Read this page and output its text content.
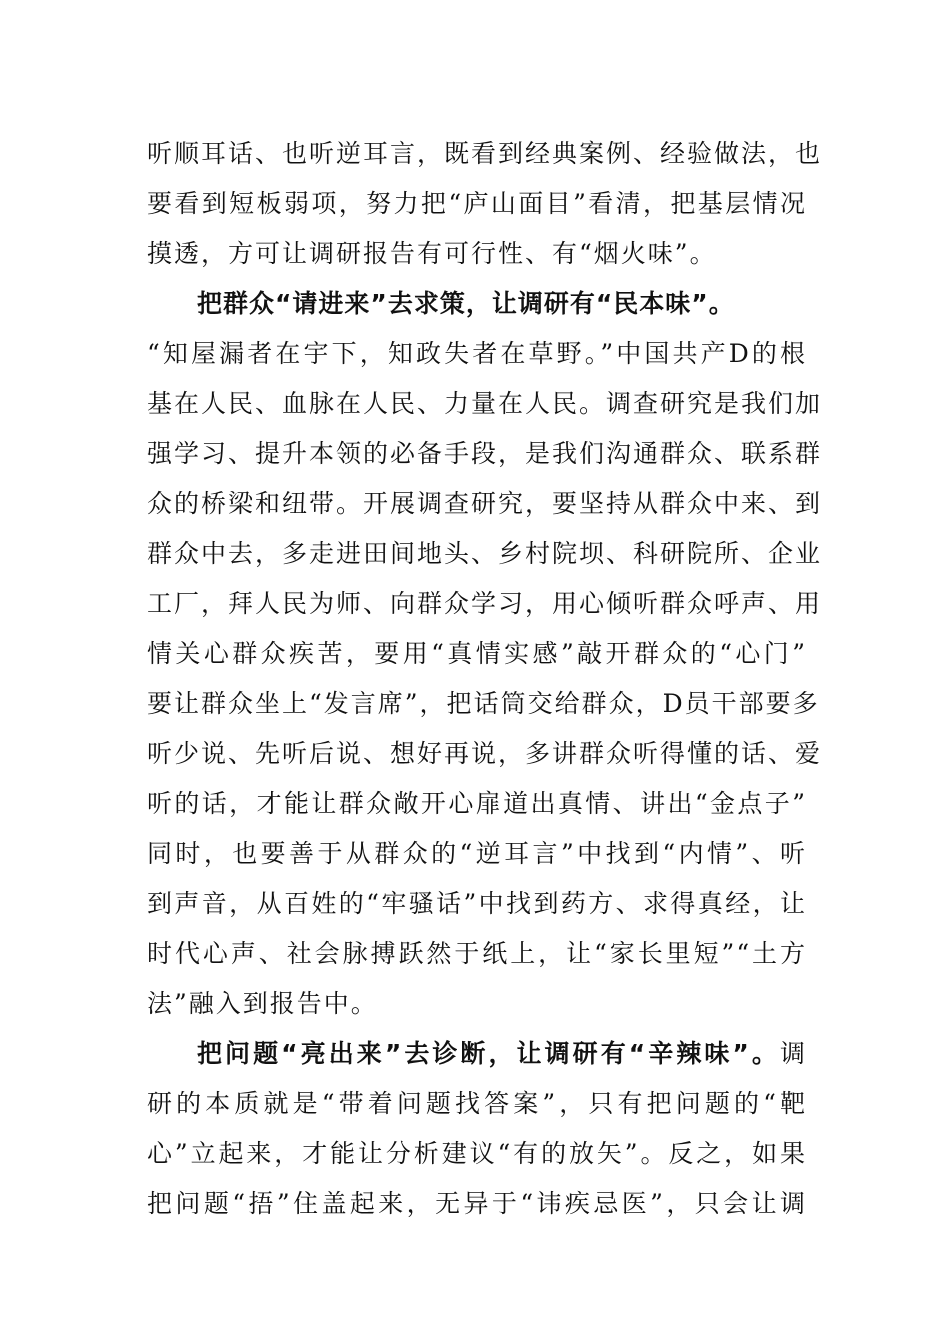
听顺耳话、也听逆耳言，既看到经典案例、经验做法，也
要看到短板弱项，努力把“庐山面目”看清，把基层情况
摸透，方可让调研报告有可行性、有“烟火味”。
把群众“请进来”去求策，让调研有“民本味”。
“知屋漏者在宇下，知政失者在草野。”中国共产D的根
基在人民、血脉在人民、力量在人民。调查研究是我们加
强学习、提升本领的必备手段，是我们沟通群众、联系群
众的桥梁和纽带。开展调查研究，要坚持从群众中来、到
群众中去，多走进田间地头、乡村院坝、科研院所、企业
工厂，拜人民为师、向群众学习，用心倾听群众呼声、用
情关心群众疾苦，要用“真情实感”敲开群众的“心门”
要让群众坐上“发言席”，把话筒交给群众，D员干部要多
听少说、先听后说、想好再说，多讲群众听得懂的话、爱
听的话，才能让群众敞开心扉道出真情、讲出“金点子”
同时，也要善于从群众的“逆耳言”中找到“内情”、听
到声音，从百姓的“牢骚话”中找到药方、求得真经，让
时代心声、社会脉搏跃然于纸上，让“家长里短”“土方
法”融入到报告中。
把问题“亮出来”去诊断，让调研有“辛辣味”。调
研的本质就是“带着问题找答案”，只有把问题的“靶
心”立起来，才能让分析建议“有的放矢”。反之，如果
把问题“捂”住盖起来，无异于“讳疾忌医”，只会让调
